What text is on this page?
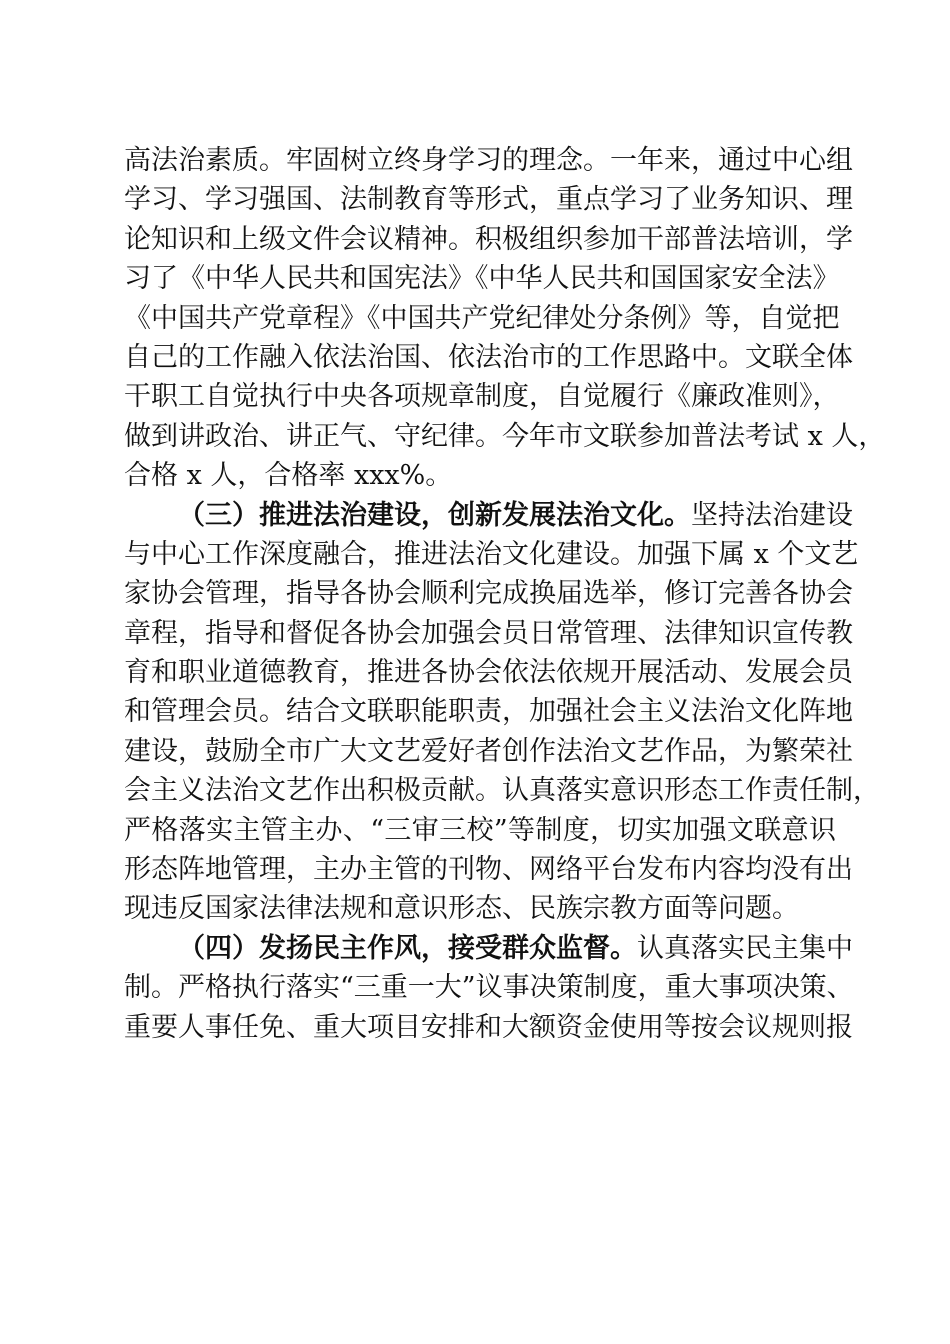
高法治素质。牢固树立终身学习的理念。一年来，通过中心组
学习、学习强国、法制教育等形式，重点学习了业务知识、理
论知识和上级文件会议精神。积极组织参加干部普法培训，学
习了《中华人民共和国宪法》《中华人民共和国国家安全法》
《中国共产党章程》《中国共产党纪律处分条例》等，自觉把
自己的工作融入依法治国、依法治市的工作思路中。文联全体
干职工自觉执行中央各项规章制度，自觉履行《廉政准则》，
做到讲政治、讲正气、守纪律。今年市文联参加普法考试 x 人，
合格 x 人，合格率 xxx%。
（三）推进法治建设，创新发展法治文化。坚持法治建设
与中心工作深度融合，推进法治文化建设。加强下属 x 个文艺
家协会管理，指导各协会顺利完成换届选举，修订完善各协会
章程，指导和督促各协会加强会员日常管理、法律知识宣传教
育和职业道德教育，推进各协会依法依规开展活动、发展会员
和管理会员。结合文联职能职责，加强社会主义法治文化阵地
建设，鼓励全市广大文艺爱好者创作法治文艺作品，为繁荣社
会主义法治文艺作出积极贡献。认真落实意识形态工作责任制，
严格落实主管主办、“三审三校”等制度，切实加强文联意识
形态阵地管理，主办主管的刊物、网络平台发布内容均没有出
现违反国家法律法规和意识形态、民族宗教方面等问题。
（四）发扬民主作风，接受群众监督。认真落实民主集中
制。严格执行落实“三重一大”议事决策制度，重大事项决策、
重要人事任免、重大项目安排和大额资金使用等按会议规则报
